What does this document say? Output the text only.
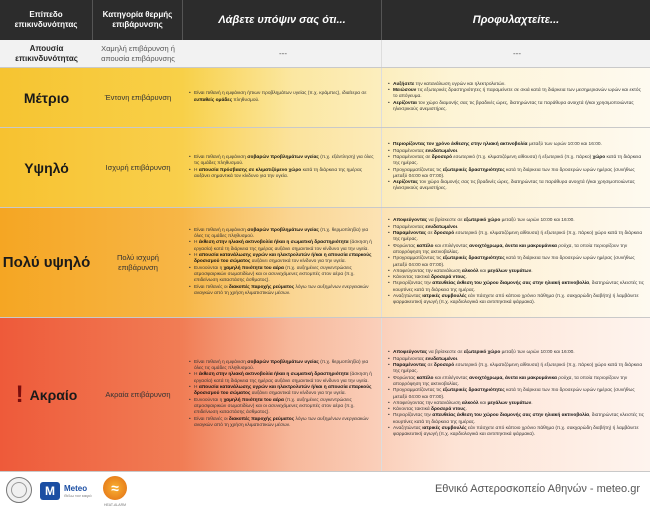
Επίπεδο επικινδυνότητας
Κατηγορία θερμής επιβάρυνσης	Λάβετε υπόψιν σας ότι...	Προφυλαχτείτε...
Απουσία επικινδυνότητας
Χαμηλή επιβάρυνση ή απουσία επιβάρυνσης	---	---
Μέτριο	Έντονη επιβάρυνση
•	Είναι πιθανή η εμφάνιση ήπιων προβλημάτων υγείας (π.χ. κράμπες), ιδιαίτερα σε ευπαθείς ομάδες πληθυσμού.
• Αυξήσετε την κατανάλωση υγρών και ηλεκτρολυτών.
• Μειώσουν τις εξωτερικές δραστηριότητες ή παραμείνετε σε σκιά κατά τη διάρκεια των μεσημεριανών ωρών και εκτός το απόγευμα.
• Αερίζονται τον χώρο διαμονής σας τις βραδινές ώρες, διατηρώντας τα παράθυρα ανοιχτά ή/και χρησιμοποιώντας ηλεκτρικούς ανεμιστήρες.
Υψηλό	Ισχυρή επιβάρυνση
• Είναι πιθανή η εμφάνιση σοβαρών προβλημάτων υγείας (π.χ. εξάντληση) για όλες τις ομάδες πληθυσμού.
• Η απουσία πρόσβασης σε κλιματιζόμενο χώρο κατά τη διάρκεια της ημέρας αυξάνει σημαντικά τον κίνδυνο για την υγεία.
• Περιορίζοντας τον χρόνο έκθεσης στην ηλιακή ακτινοβολία μεταξύ των ωρών 10:00 και 16:00.
• Παραμένοντας ενυδατωμένοι.
• Παραμένοντας σε δροσερό εσωτερικό (π.χ. κλιματιζόμενη αίθουσα) ή εξωτερικό (π.χ. πάρκο) χώρο κατά τη διάρκεια της ημέρας.
• Προγραμματίζοντας τις εξωτερικές δραστηριότητες κατά τη διάρκεια των πιο δροσερών ωρών ημέρας (συνήθως μεταξύ 04:00 και 07:00).
• Αερίζοντας τον χώρο διαμονής σας τις βραδινές ώρες, διατηρώντας τα παράθυρα ανοιχτά ή/και χρησιμοποιώντας ηλεκτρικούς ανεμιστήρες.
Πολύ υψηλό	Πολύ ισχυρή επιβάρυνση
• Είναι πιθανή η εμφάνιση σοβαρών προβλημάτων υγείας (π.χ. θερμοπληξία) για όλες τις ομάδες πληθυσμού.
• Η έκθεση στην ηλιακή ακτινοβολία ή/και η σωματική δραστηριότητα (άσκηση ή εργασία) κατά τη διάρκεια της ημέρας αυξάνει σημαντικά τον κίνδυνο για την υγεία.
• Η απουσία κατανάλωσης υγρών και ηλεκτρολυτών ή/και η απουσία επαρκούς δροσισμού του σώματος αυξάνει σημαντικά τον κίνδυνο για την υγεία.
• Ευνοούνται η χαμηλή ποιότητα του αέρα (π.χ. αυξημένες συγκεντρώσεις ατμοσφαιρικών σωματιδίων) και οι ασυνεχόμενες εκπομπές στον αέρα (π.χ. επιδείνωση καταστάσης άσθματος).
• Είναι πιθανές οι διακοπές παροχής ρεύματος λόγω των αυξημένων ενεργειακών αναγκών από τη χρήση κλιματιστικών μέσων.
• Αποφεύγοντας να βρίσκεστε σε εξωτερικό χώρο μεταξύ των ωρών 10:00 και 16:00.
• Παραμένοντας ενυδατωμένοι.
• Παραμένοντας σε δροσερό εσωτερικό (π.χ. κλιματιζόμενη αίθουσα) ή εξωτερικό (π.χ. πάρκο) χώρο κατά τη διάρκεια της ημέρας.
• Φορώντας καπέλο και επιλέγοντας ανοιχτόχρωμα, άνετα και μακρυμάνικα ρούχα, τα οποία περιορίζουν την απορρόφηση της ακτινοβολίας.
• Προγραμματίζοντας τις εξωτερικές δραστηριότητες κατά τη διάρκεια των πιο δροσερών ωρών ημέρας (συνήθως μεταξύ 04:00 και 07:00).
• Αποφεύγοντας την κατανάλωση αλκοόλ και μεγάλων γευμάτων.
• Κάνοντας τακτικά δροσερά ντους.
• Περιορίζοντας την απευθείας έκθεση του χώρου διαμονής σας στην ηλιακή ακτινοβολία, διατηρώντας κλειστές τις κουρτίνες κατά τη διάρκεια της ημέρας.
• Αναζητώντας ιατρικές συμβουλές εάν πάσχετε από κάποιο χρόνιο πάθημα (π.χ. σακχαρώδη διαβήτη) ή λαμβάνετε φαρμακευτική αγωγή (π.χ. καρδιολογικά και αντιπηκτικά φάρμακα).
! Ακραίο	Ακραία επιβάρυνση
• Είναι πιθανή η εμφάνιση σοβαρών προβλημάτων υγείας (π.χ. θερμοπληξία) για όλες τις ομάδες πληθυσμού.
• Η έκθεση στην ηλιακή ακτινοβολία ή/και η σωματική δραστηριότητα (άσκηση ή εργασία) κατά τη διάρκεια της ημέρας αυξάνει σημαντικά τον κίνδυνο για την υγεία.
• Η απουσία κατανάλωσης υγρών και ηλεκτρολυτών ή/και η απουσία επαρκούς δροσισμού του σώματος αυξάνει σημαντικά τον κίνδυνο για την υγεία.
• Ευνοούνται η χαμηλή ποιότητα του αέρα (π.χ. αυξημένες συγκεντρώσεις ατμοσφαιρικών σωματιδίων) και οι ασυνεχόμενες εκπομπές στον αέρα (π.χ. επιδείνωση καταστάσης άσθματος).
• Είναι πιθανές οι διακοπές παροχής ρεύματος λόγω των αυξημένων ενεργειακών αναγκών από τη χρήση κλιματιστικών μέσων.
• Αποφεύγοντας να βρίσκεστε σε εξωτερικό χώρο μεταξύ των ωρών 10:00 και 16:00.
• Παραμένοντας ενυδατωμένοι.
• Παραμένοντας σε δροσερό εσωτερικό (π.χ. κλιματιζόμενη αίθουσα) ή εξωτερικό (π.χ. πάρκο) χώρο κατά τη διάρκεια της ημέρας.
• Φορώντας καπέλο και επιλέγοντας ανοιχτόχρωμα, άνετα και μακρυμάνικα ρούχα, τα οποία περιορίζουν την απορρόφηση της ακτινοβολίας.
• Προγραμματίζοντας τις εξωτερικές δραστηριότητες κατά τη διάρκεια των πιο δροσερών ωρών ημέρας (συνήθως μεταξύ 04:00 και 07:00).
• Αποφεύγοντας την κατανάλωση αλκοόλ και μεγάλων γευμάτων.
• Κάνοντας τακτικά δροσερά ντους.
• Περιορίζοντας την απευθείας έκθεση του χώρου διαμονής σας στην ηλιακή ακτινοβολία, διατηρώντας κλειστές τις κουρτίνες κατά τη διάρκεια της ημέρας.
• Αναζητώντας ιατρικές συμβουλές εάν πάσχετε από κάποιο χρόνιο πάθημα (π.χ. σακχαρώδη διαβήτη) ή λαμβάνετε φαρμακευτική αγωγή (π.χ. καρδιολογικά και αντιπηκτικά φάρμακα).
M
Meteo
Θέλω τον καιρό
≈
HEAT-ALARM
Εθνικό Αστεροσκοπείο Αθηνών - meteo.gr
